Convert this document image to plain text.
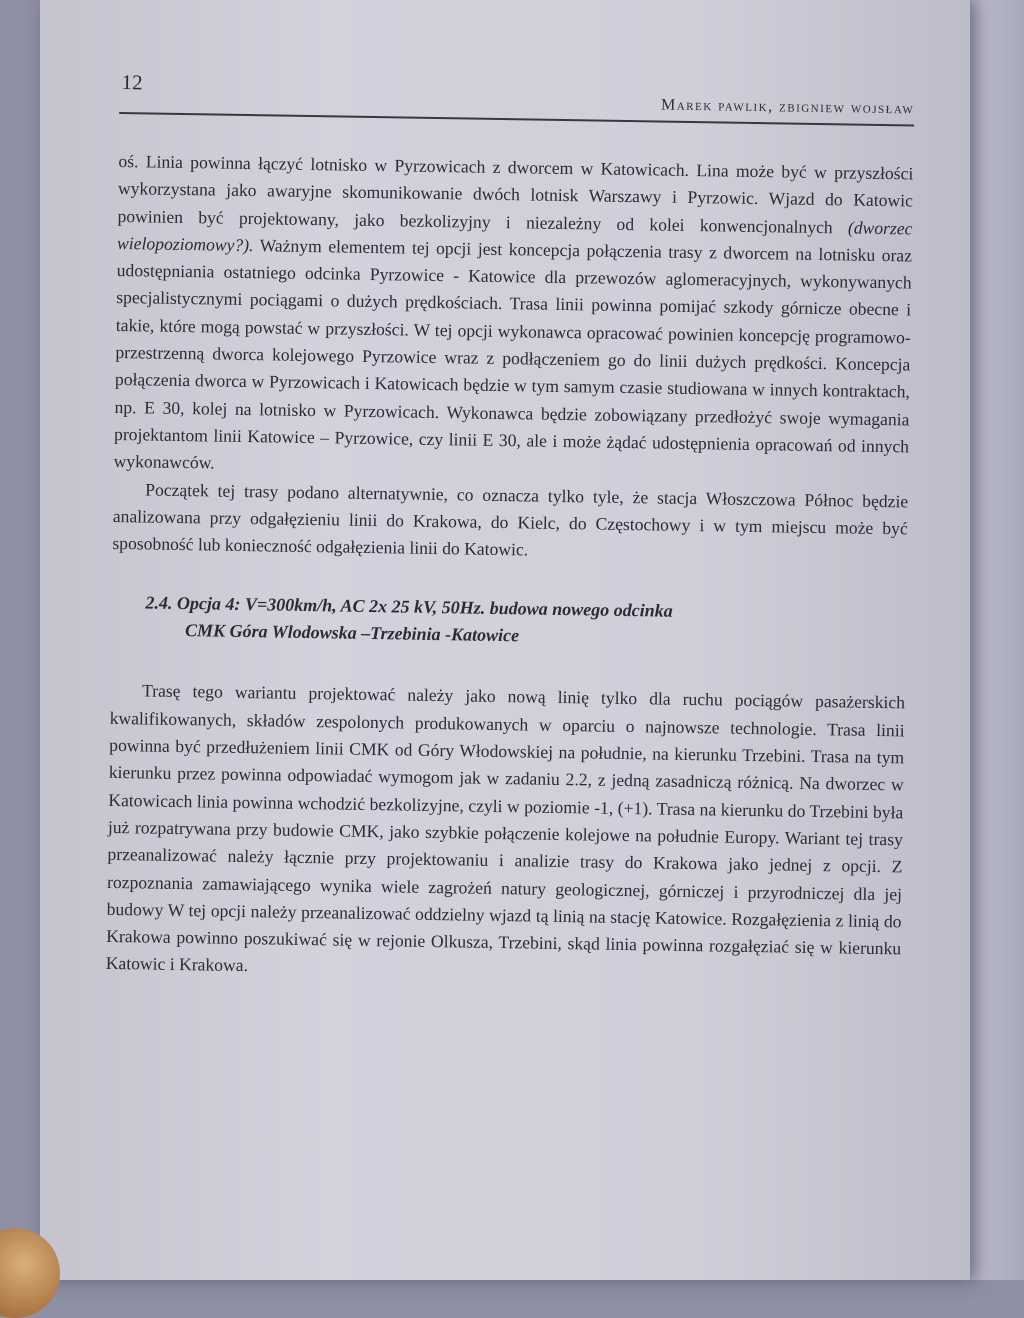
12
Marek pawlik, zbigniew wojsław

oś. Linia powinna łączyć lotnisko w Pyrzowicach z dworcem w Katowicach. Lina może być w przyszłości wykorzystana jako awaryjne skomunikowanie dwóch lotnisk Warszawy i Pyrzowic. Wjazd do Katowic powinien być projektowany, jako bezkolizyjny i niezależny od kolei konwencjonalnych (dworzec wielopoziomowy?). Ważnym elementem tej opcji jest koncepcja połączenia trasy z dworcem na lotnisku oraz udostępniania ostatniego odcinka Pyrzowice - Katowice dla przewozów aglomeracyjnych, wykonywanych specjalistycznymi pociągami o dużych prędkościach. Trasa linii powinna pomijać szkody górnicze obecne i takie, które mogą powstać w przyszłości. W tej opcji wykonawca opracować powinien koncepcję programowo-przestrzenną dworca kolejowego Pyrzowice wraz z podłączeniem go do linii dużych prędkości. Koncepcja połączenia dworca w Pyrzowicach i Katowicach będzie w tym samym czasie studiowana w innych kontraktach, np. E 30, kolej na lotnisko w Pyrzowicach. Wykonawca będzie zobowiązany przedłożyć swoje wymagania projektantom linii Katowice – Pyrzowice, czy linii E 30, ale i może żądać udostępnienia opracowań od innych wykonawców.

Początek tej trasy podano alternatywnie, co oznacza tylko tyle, że stacja Włoszczowa Północ będzie analizowana przy odgałęzieniu linii do Krakowa, do Kielc, do Częstochowy i w tym miejscu może być sposobność lub konieczność odgałęzienia linii do Katowic.

2.4. Opcja 4: V=300km/h, AC 2x 25 kV, 50Hz. budowa nowego odcinka
CMK Góra Wlodowska –Trzebinia -Katowice

Trasę tego wariantu projektować należy jako nową linię tylko dla ruchu pociągów pasażerskich kwalifikowanych, składów zespolonych produkowanych w oparciu o najnowsze technologie. Trasa linii powinna być przedłużeniem linii CMK od Góry Włodowskiej na południe, na kierunku Trzebini. Trasa na tym kierunku przez powinna odpowiadać wymogom jak w zadaniu 2.2, z jedną zasadniczą różnicą. Na dworzec w Katowicach linia powinna wchodzić bezkolizyjne, czyli w poziomie -1, (+1). Trasa na kierunku do Trzebini była już rozpatrywana przy budowie CMK, jako szybkie połączenie kolejowe na południe Europy. Wariant tej trasy przeanalizować należy łącznie przy projektowaniu i analizie trasy do Krakowa jako jednej z opcji. Z rozpoznania zamawiającego wynika wiele zagrożeń natury geologicznej, górniczej i przyrodniczej dla jej budowy W tej opcji należy przeanalizować oddzielny wjazd tą linią na stację Katowice. Rozgałęzienia z linią do Krakowa powinno poszukiwać się w rejonie Olkusza, Trzebini, skąd linia powinna rozgałęziać się w kierunku Katowic i Krakowa.
